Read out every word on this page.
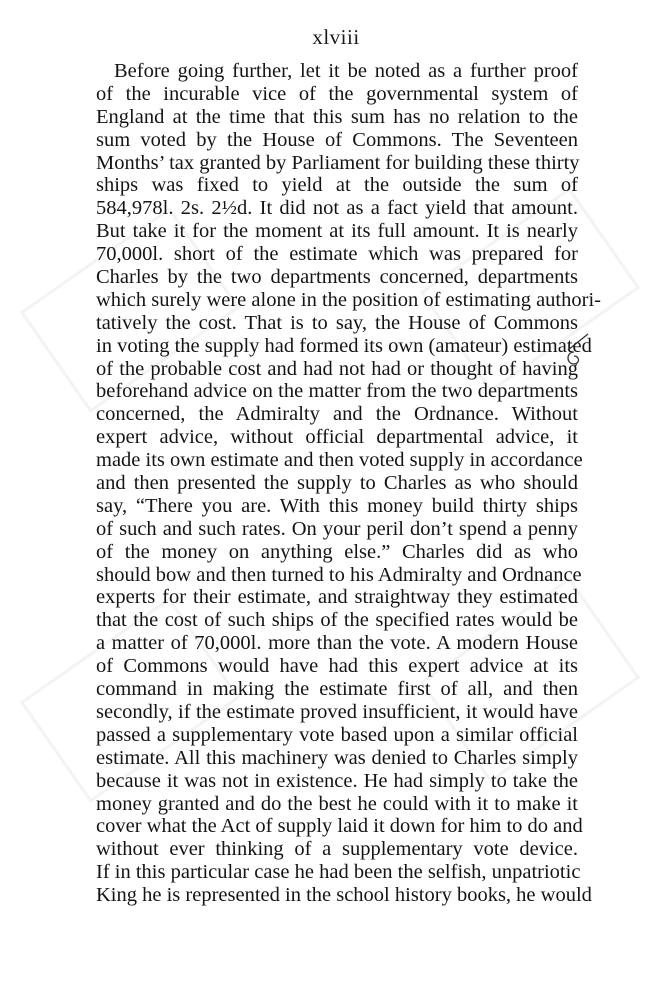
xlviii
Before going further, let it be noted as a further proof
of the incurable vice of the governmental system of
England at the time that this sum has no relation to the
sum voted by the House of Commons. The Seventeen
Months’ tax granted by Parliament for building these thirty
ships was fixed to yield at the outside the sum of
584,978l. 2s. 2½d. It did not as a fact yield that amount.
But take it for the moment at its full amount. It is nearly
70,000l. short of the estimate which was prepared for
Charles by the two departments concerned, departments
which surely were alone in the position of estimating authori-
tatively the cost. That is to say, the House of Commons
in voting the supply had formed its own (amateur) estimated
of the probable cost and had not had or thought of having
beforehand advice on the matter from the two departments
concerned, the Admiralty and the Ordnance. Without
expert advice, without official departmental advice, it
made its own estimate and then voted supply in accordance
and then presented the supply to Charles as who should
say, “There you are. With this money build thirty ships
of such and such rates. On your peril don’t spend a penny
of the money on anything else.” Charles did as who
should bow and then turned to his Admiralty and Ordnance
experts for their estimate, and straightway they estimated
that the cost of such ships of the specified rates would be
a matter of 70,000l. more than the vote. A modern House
of Commons would have had this expert advice at its
command in making the estimate first of all, and then
secondly, if the estimate proved insufficient, it would have
passed a supplementary vote based upon a similar official
estimate. All this machinery was denied to Charles simply
because it was not in existence. He had simply to take the
money granted and do the best he could with it to make it
cover what the Act of supply laid it down for him to do and
without ever thinking of a supplementary vote device.
If in this particular case he had been the selfish, unpatriotic
King he is represented in the school history books, he would
